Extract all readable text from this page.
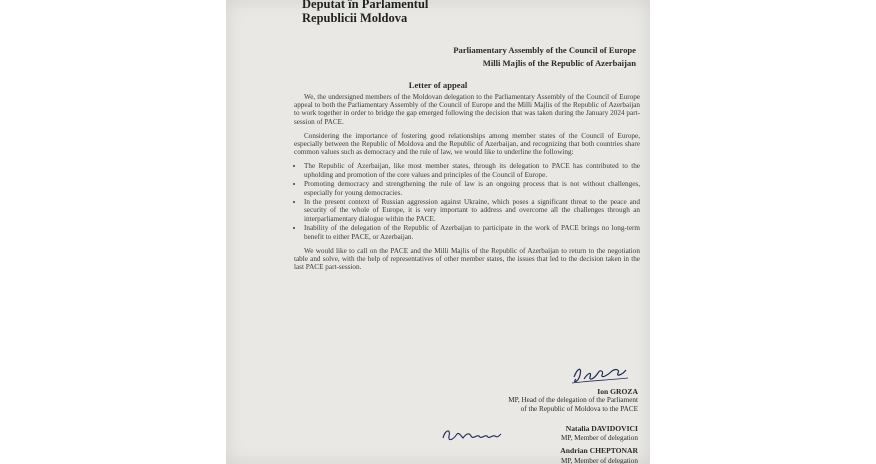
Deputat în Parlamentul
Republicii Moldova
Parliamentary Assembly of the Council of Europe
Milli Majlis of the Republic of Azerbaijan
Letter of appeal

We, the undersigned members of the Moldovan delegation to the Parliamentary Assembly of the Council of Europe appeal to both the Parliamentary Assembly of the Council of Europe and the Milli Majlis of the Republic of Azerbaijan to work together in order to bridge the gap emerged following the decision that was taken during the January 2024 part-session of PACE.

Considering the importance of fostering good relationships among member states of the Council of Europe, especially between the Republic of Moldova and the Republic of Azerbaijan, and recognizing that both countries share common values such as democracy and the rule of law, we would like to underline the following:

• The Republic of Azerbaijan, like most member states, through its delegation to PACE has contributed to the upholding and promotion of the core values and principles of the Council of Europe.
• Promoting democracy and strengthening the rule of law is an ongoing process that is not without challenges, especially for young democracies.
• In the present context of Russian aggression against Ukraine, which poses a significant threat to the peace and security of the whole of Europe, it is very important to address and overcome all the challenges through an interparliamentary dialogue within the PACE.
• Inability of the delegation of the Republic of Azerbaijan to participate in the work of PACE brings no long-term benefit to either PACE, or Azerbaijan.

We would like to call on the PACE and the Milli Majlis of the Republic of Azerbaijan to return to the negotiation table and solve, with the help of representatives of other member states, the issues that led to the decision taken in the last PACE part-session.

Ion GROZA
MP, Head of the delegation of the Parliament
of the Republic of Moldova to the PACE
Natalia DAVIDOVICI
MP, Member of delegation
Andrian CHEPTONAR
MP, Member of delegation
